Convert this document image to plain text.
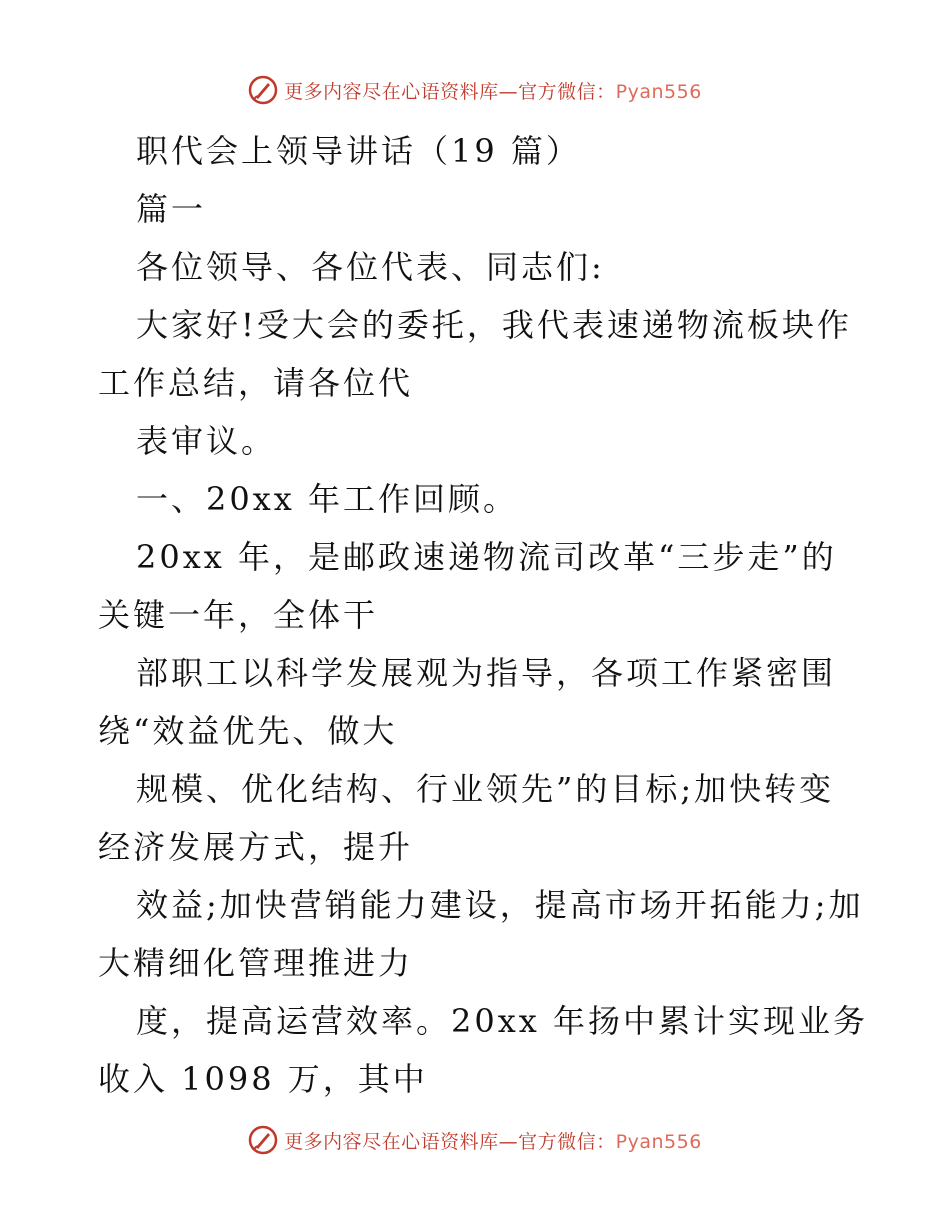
更多内容尽在心语资料库—官方微信：Pyan556
职代会上领导讲话（19 篇）
篇一
各位领导、各位代表、同志们:
大家好!受大会的委托，我代表速递物流板块作
工作总结，请各位代
表审议。
一、20xx 年工作回顾。
20xx 年，是邮政速递物流司改革“三步走”的
关键一年，全体干
部职工以科学发展观为指导，各项工作紧密围
绕“效益优先、做大
规模、优化结构、行业领先”的目标;加快转变
经济发展方式，提升
效益;加快营销能力建设，提高市场开拓能力;加
大精细化管理推进力
度，提高运营效率。20xx 年扬中累计实现业务
收入 1098 万，其中
更多内容尽在心语资料库—官方微信：Pyan556
